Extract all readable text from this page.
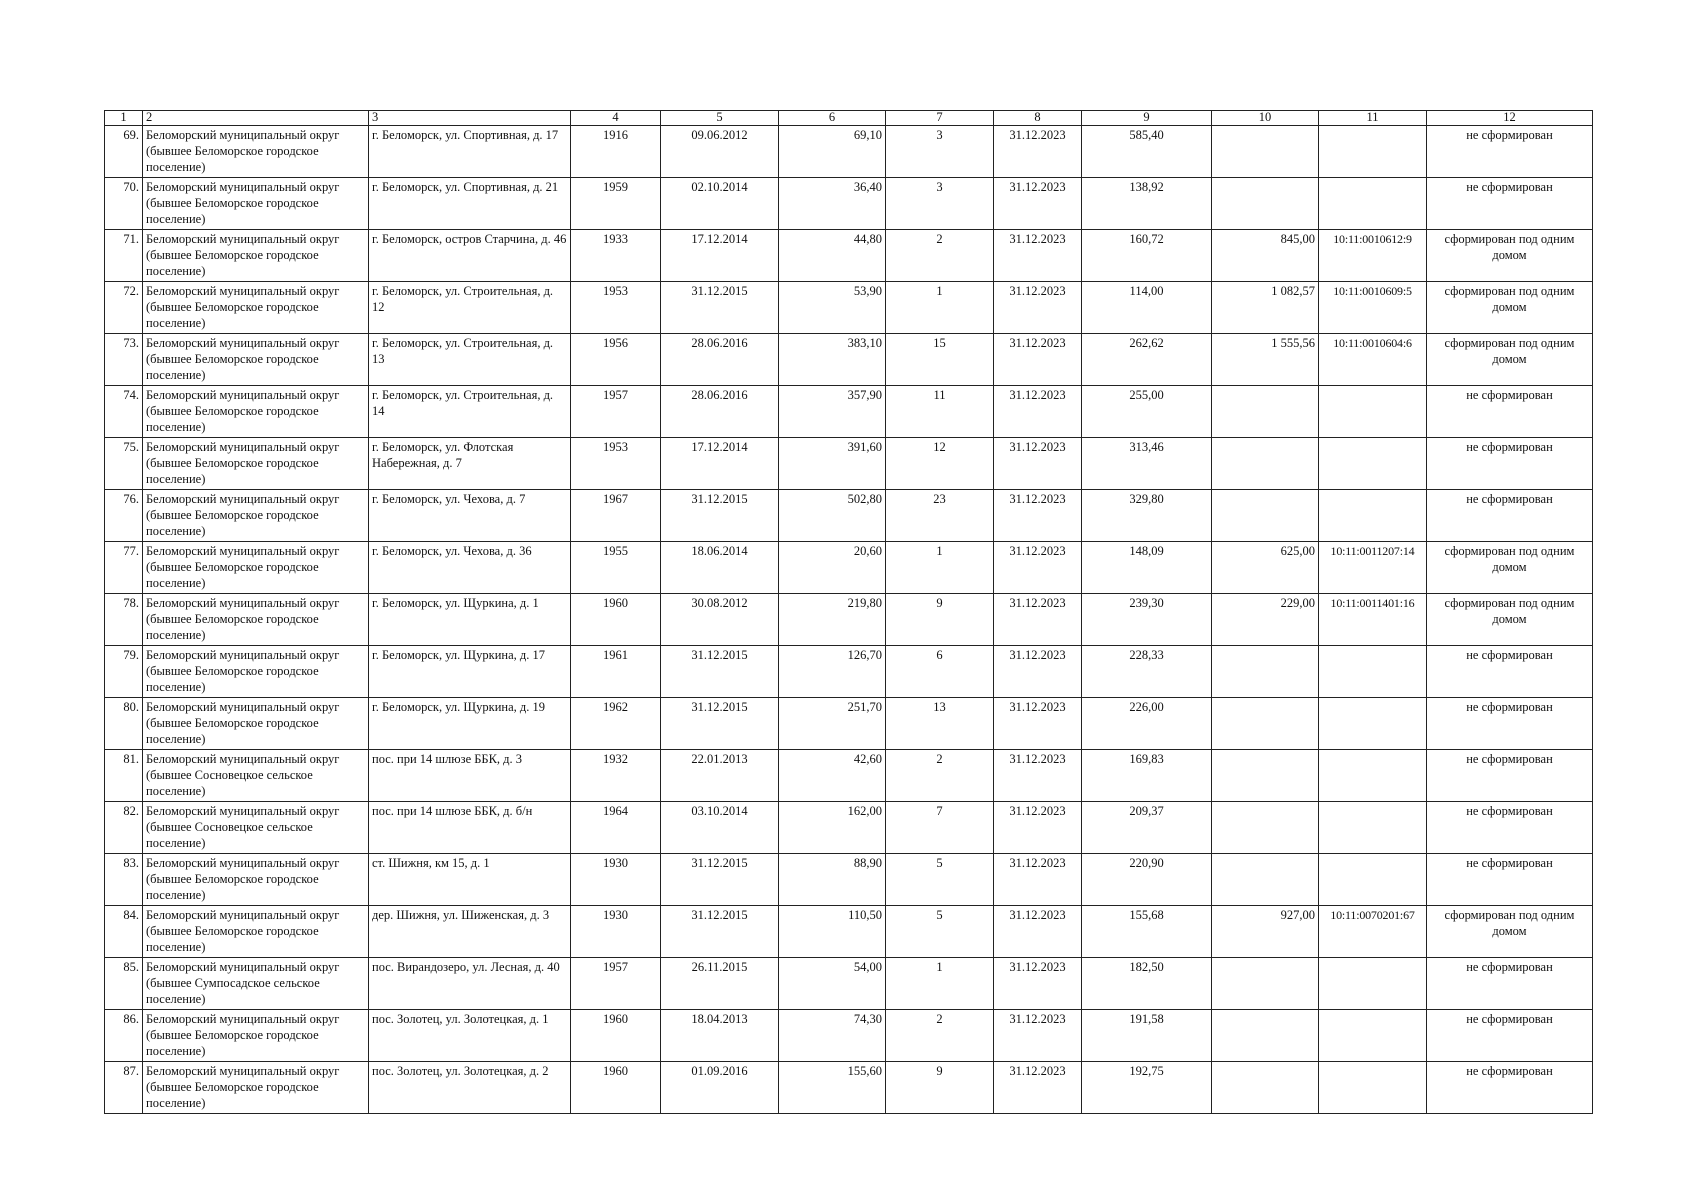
1	2	3	4	5	6	7	8	9	10	11	12
69.	Беломорский муниципальный округ (бывшее Беломорское городское поселение)	г. Беломорск, ул. Спортивная, д. 17	1916	09.06.2012	69,10	3	31.12.2023	585,40			не сформирован
70.	Беломорский муниципальный округ (бывшее Беломорское городское поселение)	г. Беломорск, ул. Спортивная, д. 21	1959	02.10.2014	36,40	3	31.12.2023	138,92			не сформирован
71.	Беломорский муниципальный округ (бывшее Беломорское городское поселение)	г. Беломорск, остров Старчина, д. 46	1933	17.12.2014	44,80	2	31.12.2023	160,72	845,00	10:11:0010612:9	сформирован под одним домом
72.	Беломорский муниципальный округ (бывшее Беломорское городское поселение)	г. Беломорск, ул. Строительная, д. 12	1953	31.12.2015	53,90	1	31.12.2023	114,00	1 082,57	10:11:0010609:5	сформирован под одним домом
73.	Беломорский муниципальный округ (бывшее Беломорское городское поселение)	г. Беломорск, ул. Строительная, д. 13	1956	28.06.2016	383,10	15	31.12.2023	262,62	1 555,56	10:11:0010604:6	сформирован под одним домом
74.	Беломорский муниципальный округ (бывшее Беломорское городское поселение)	г. Беломорск, ул. Строительная, д. 14	1957	28.06.2016	357,90	11	31.12.2023	255,00			не сформирован
75.	Беломорский муниципальный округ (бывшее Беломорское городское поселение)	г. Беломорск, ул. Флотская Набережная, д. 7	1953	17.12.2014	391,60	12	31.12.2023	313,46			не сформирован
76.	Беломорский муниципальный округ (бывшее Беломорское городское поселение)	г. Беломорск, ул. Чехова, д. 7	1967	31.12.2015	502,80	23	31.12.2023	329,80			не сформирован
77.	Беломорский муниципальный округ (бывшее Беломорское городское поселение)	г. Беломорск, ул. Чехова, д. 36	1955	18.06.2014	20,60	1	31.12.2023	148,09	625,00	10:11:0011207:14	сформирован под одним домом
78.	Беломорский муниципальный округ (бывшее Беломорское городское поселение)	г. Беломорск, ул. Щуркина, д. 1	1960	30.08.2012	219,80	9	31.12.2023	239,30	229,00	10:11:0011401:16	сформирован под одним домом
79.	Беломорский муниципальный округ (бывшее Беломорское городское поселение)	г. Беломорск, ул. Щуркина, д. 17	1961	31.12.2015	126,70	6	31.12.2023	228,33			не сформирован
80.	Беломорский муниципальный округ (бывшее Беломорское городское поселение)	г. Беломорск, ул. Щуркина, д. 19	1962	31.12.2015	251,70	13	31.12.2023	226,00			не сформирован
81.	Беломорский муниципальный округ (бывшее Сосновецкое сельское поселение)	пос. при 14 шлюзе ББК, д. 3	1932	22.01.2013	42,60	2	31.12.2023	169,83			не сформирован
82.	Беломорский муниципальный округ (бывшее Сосновецкое сельское поселение)	пос. при 14 шлюзе ББК, д. б/н	1964	03.10.2014	162,00	7	31.12.2023	209,37			не сформирован
83.	Беломорский муниципальный округ (бывшее Беломорское городское поселение)	ст. Шижня, км 15, д. 1	1930	31.12.2015	88,90	5	31.12.2023	220,90			не сформирован
84.	Беломорский муниципальный округ (бывшее Беломорское городское поселение)	дер. Шижня, ул. Шиженская, д. 3	1930	31.12.2015	110,50	5	31.12.2023	155,68	927,00	10:11:0070201:67	сформирован под одним домом
85.	Беломорский муниципальный округ (бывшее Сумпосадское сельское поселение)	пос. Вирандозеро, ул. Лесная, д. 40	1957	26.11.2015	54,00	1	31.12.2023	182,50			не сформирован
86.	Беломорский муниципальный округ (бывшее Беломорское городское поселение)	пос. Золотец, ул. Золотецкая, д. 1	1960	18.04.2013	74,30	2	31.12.2023	191,58			не сформирован
87.	Беломорский муниципальный округ (бывшее Беломорское городское поселение)	пос. Золотец, ул. Золотецкая, д. 2	1960	01.09.2016	155,60	9	31.12.2023	192,75			не сформирован
